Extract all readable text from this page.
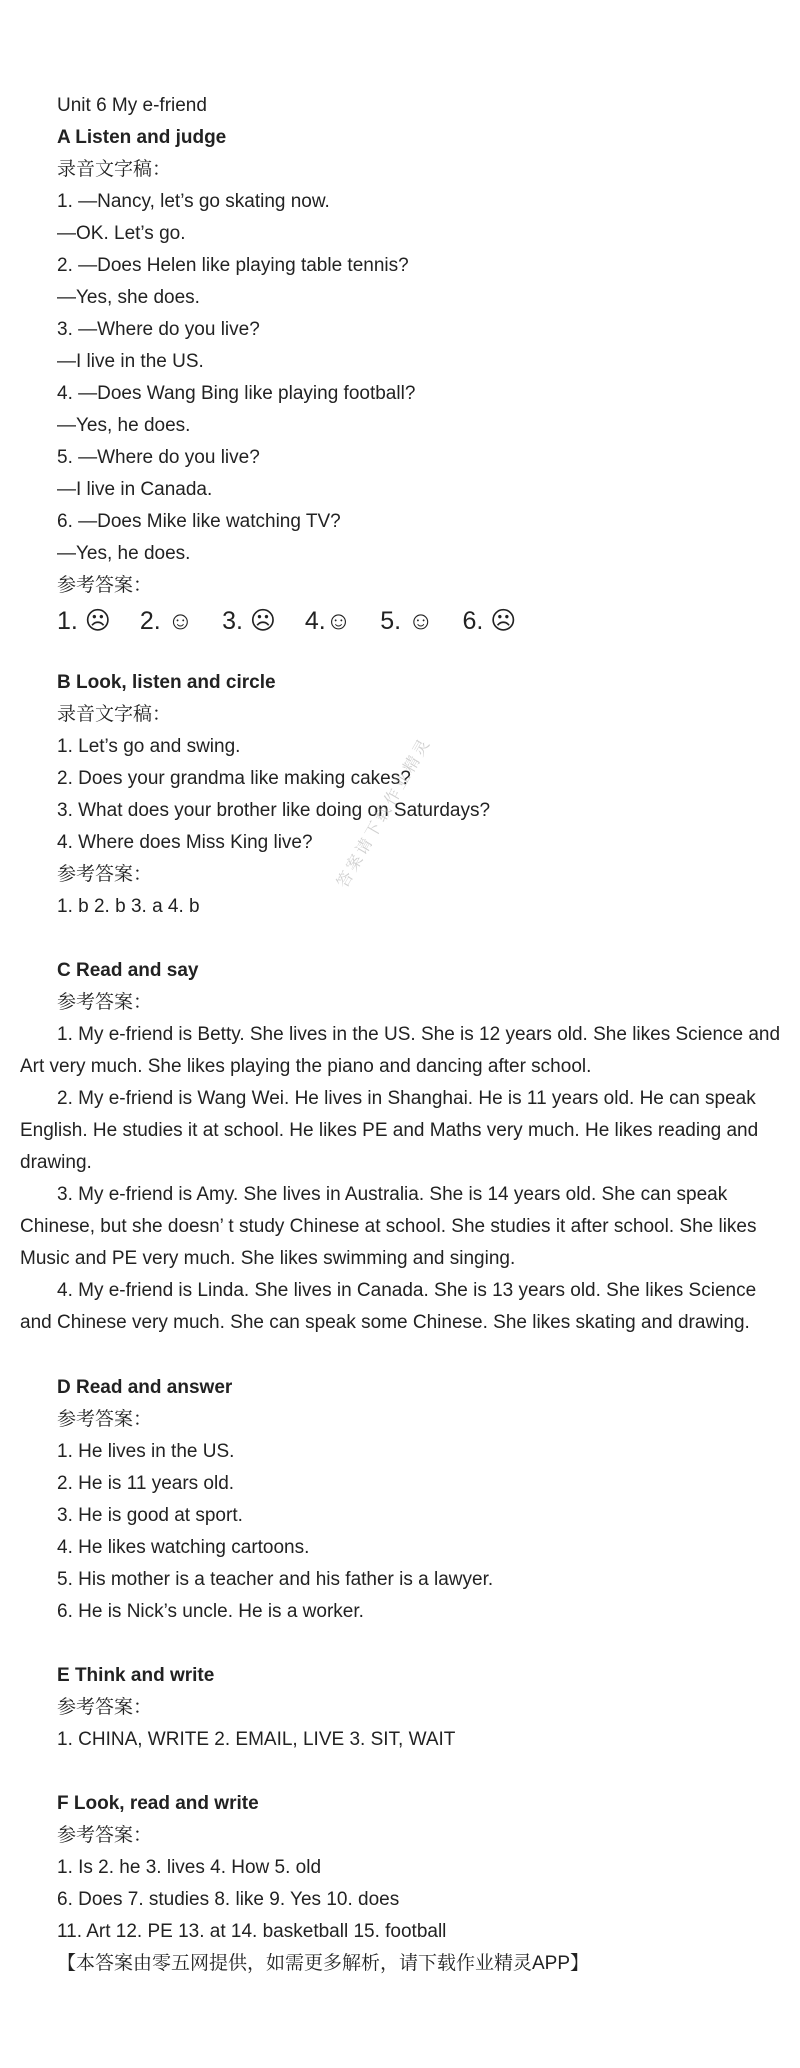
Unit 6 My e-friend
A Listen and judge
录音文字稿：
1. —Nancy, let’s go skating now.
—OK. Let’s go.
2. —Does Helen like playing table tennis?
—Yes, she does.
3. —Where do you live?
—I live in the US.
4. —Does Wang Bing like playing football?
—Yes, he does.
5. —Where do you live?
—I live in Canada.
6. —Does Mike like watching TV?
—Yes, he does.
参考答案：
1. ☹ 2. ☺ 3. ☹ 4.☺ 5. ☺ 6. ☹
B Look, listen and circle
录音文字稿：
1. Let’s go and swing.
2. Does your grandma like making cakes?
3. What does your brother like doing on Saturdays?
4. Where does Miss King live?
参考答案：
1. b 2. b 3. a 4. b
C Read and say
参考答案：
1. My e-friend is Betty. She lives in the US. She is 12 years old. She likes Science and Art very much. She likes playing the piano and dancing after school.
2. My e-friend is Wang Wei. He lives in Shanghai. He is 11 years old. He can speak English. He studies it at school. He likes PE and Maths very much. He likes reading and drawing.
3. My e-friend is Amy. She lives in Australia. She is 14 years old. She can speak Chinese, but she doesn’ t study Chinese at school. She studies it after school. She likes Music and PE very much. She likes swimming and singing.
4. My e-friend is Linda. She lives in Canada. She is 13 years old. She likes Science and Chinese very much. She can speak some Chinese. She likes skating and drawing.
D Read and answer
参考答案：
1. He lives in the US.
2. He is 11 years old.
3. He is good at sport.
4. He likes watching cartoons.
5. His mother is a teacher and his father is a lawyer.
6. He is Nick’s uncle. He is a worker.
E Think and write
参考答案：
1. CHINA, WRITE 2. EMAIL, LIVE 3. SIT, WAIT
F Look, read and write
参考答案：
1. Is 2. he 3. lives 4. How 5. old
6. Does 7. studies 8. like 9. Yes 10. does
11. Art 12. PE 13. at 14. basketball 15. football
【本答案由零五网提供，如需更多解析，请下载作业精灵APP】
答案请下载作业精灵
